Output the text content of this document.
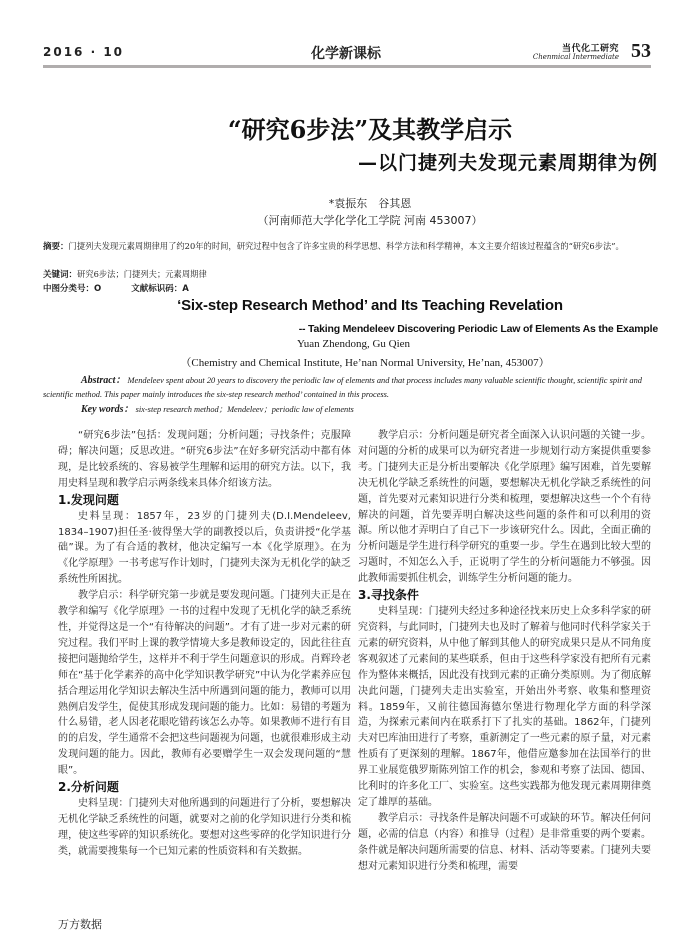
2016 · 10	化学新课标	当代化工研究
Chenmical Intermediate 53
“研究6步法”及其教学启示
—以门捷列夫发现元素周期律为例
*袁振东　谷其恩
（河南师范大学化学化工学院 河南 453007）
摘要：门捷列夫发现元素周期律用了约20年的时间，研究过程中包含了许多宝贵的科学思想、科学方法和科学精神，本文主要介绍该过程蕴含的“研究6步法”。
关键词：研究6步法；门捷列夫；元素周期律
中图分类号：O	文献标识码：A
‘Six-step Research Method’ and Its Teaching Revelation
-- Taking Mendeleev Discovering Periodic Law of Elements As the Example
Yuan Zhendong, Gu Qien
（Chemistry and Chemical Institute, He’nan Normal University, He’nan, 453007）
Abstract： Mendeleev spent about 20 years to discovery the periodic law of elements and that process includes many valuable scientific thought, scientific spirit and scientific method. This paper mainly introduces the six-step research method’ contained in this process.
Key words： six-step research method；Mendeleev；periodic law of elements

“研究6步法”包括：发现问题；分析问题；寻找条件；克服障碍；解决问题；反思改进。“研究6步法”在好多研究活动中都有体现，是比较系统的、容易被学生理解和运用的研究方法。以下，我用史料呈现和教学启示两条线来具体介绍该方法。

1.发现问题

史料呈现：1857年，23岁的门捷列夫(D.I.Mendeleev, 1834–1907)担任圣·彼得堡大学的副教授以后，负责讲授“化学基础”课。为了有合适的教材，他决定编写一本《化学原理》。在为《化学原理》一书考虑写作计划时，门捷列夫深为无机化学的缺乏系统性所困扰。

教学启示：科学研究第一步就是要发现问题。门捷列夫正是在教学和编写《化学原理》一书的过程中发现了无机化学的缺乏系统性，并觉得这是一个“有待解决的问题”。才有了进一步对元素的研究过程。我们平时上课的教学情境大多是教师设定的，因此往往直接把问题抛给学生，这样并不利于学生问题意识的形成。肖辉玲老师在“基于化学素养的高中化学知识教学研究”中认为化学素养应包括合理运用化学知识去解决生活中所遇到问题的能力，教师可以用熟例启发学生，促使其形成发现问题的能力。比如：易错的考题为什么易错，老人因老花眼吃错药该怎么办等。如果教师不进行有目的的启发，学生通常不会把这些问题视为问题，也就很难形成主动发现问题的能力。因此，教师有必要赠学生一双会发现问题的“慧眼”。

2.分析问题

史料呈现：门捷列夫对他所遇到的问题进行了分析，要想解决无机化学缺乏系统性的问题，就要对之前的化学知识进行分类和梳理，使这些零碎的知识系统化。要想对这些零碎的化学知识进行分类，就需要搜集每一个已知元素的性质资料和有关数据。

教学启示：分析问题是研究者全面深入认识问题的关键一步。对问题的分析的成果可以为研究者进一步规划行动方案提供重要参考。门捷列夫正是分析出要解决《化学原理》编写困难，首先要解决无机化学缺乏系统性的问题，要想解决无机化学缺乏系统性的问题，首先要对元素知识进行分类和梳理，要想解决这些一个个有待解决的问题，首先要弄明白解决这些问题的条件和可以利用的资源。所以他才弄明白了自己下一步该研究什么。因此，全面正确的分析问题是学生进行科学研究的重要一步。学生在遇到比较大型的习题时，不知怎么入手，正说明了学生的分析问题能力不够强。因此教师需要抓住机会，训练学生分析问题的能力。

3.寻找条件

史料呈现：门捷列夫经过多种途径找来历史上众多科学家的研究资料，与此同时，门捷列夫也及时了解着与他同时代科学家关于元素的研究资料，从中他了解到其他人的研究成果只是从不同角度客观叙述了元素间的某些联系，但由于这些科学家没有把所有元素作为整体来概括，因此没有找到元素的正确分类原则。为了彻底解决此问题，门捷列夫走出实验室，开始出外考察、收集和整理资料。1859年，又前往德国海德尔堡进行物理化学方面的科学深造，为探索元素间内在联系打下了扎实的基础。1862年，门捷列夫对巴库油田进行了考察，重新测定了一些元素的原子量，对元素性质有了更深刻的理解。1867年，他借应邀参加在法国举行的世界工业展览俄罗斯陈列馆工作的机会，参观和考察了法国、德国、比利时的许多化工厂、实验室。这些实践都为他发现元素周期律奠定了雄厚的基础。

教学启示：寻找条件是解决问题不可或缺的环节。解决任何问题，必需的信息（内容）和推导（过程）是非常重要的两个要素。条件就是解决问题所需要的信息、材料、活动等要素。门捷列夫要想对元素知识进行分类和梳理，需要

万方数据
